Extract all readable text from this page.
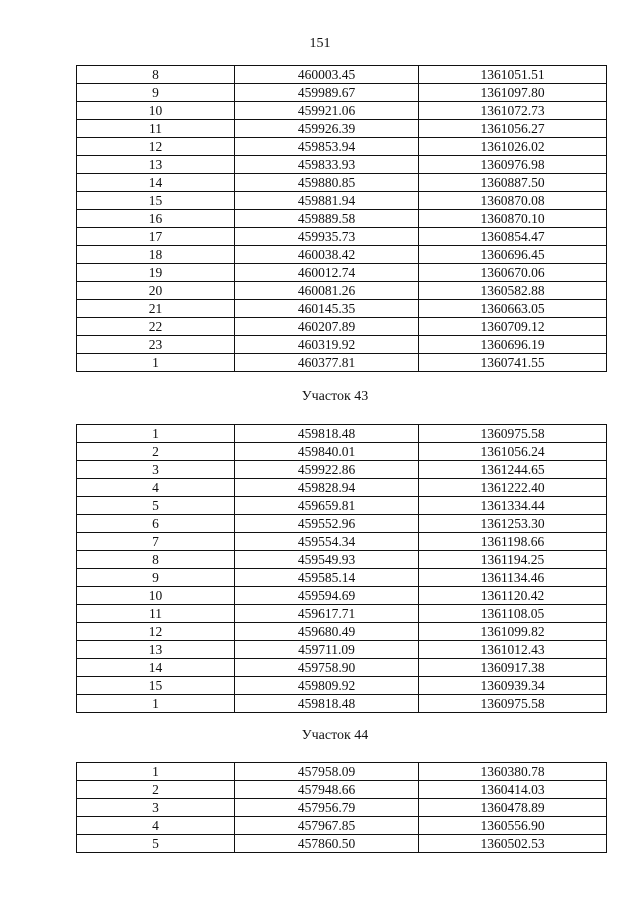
151
8	460003.45	1361051.51
9	459989.67	1361097.80
10	459921.06	1361072.73
11	459926.39	1361056.27
12	459853.94	1361026.02
13	459833.93	1360976.98
14	459880.85	1360887.50
15	459881.94	1360870.08
16	459889.58	1360870.10
17	459935.73	1360854.47
18	460038.42	1360696.45
19	460012.74	1360670.06
20	460081.26	1360582.88
21	460145.35	1360663.05
22	460207.89	1360709.12
23	460319.92	1360696.19
1	460377.81	1360741.55
Участок 43
1	459818.48	1360975.58
2	459840.01	1361056.24
3	459922.86	1361244.65
4	459828.94	1361222.40
5	459659.81	1361334.44
6	459552.96	1361253.30
7	459554.34	1361198.66
8	459549.93	1361194.25
9	459585.14	1361134.46
10	459594.69	1361120.42
11	459617.71	1361108.05
12	459680.49	1361099.82
13	459711.09	1361012.43
14	459758.90	1360917.38
15	459809.92	1360939.34
1	459818.48	1360975.58
Участок 44
1	457958.09	1360380.78
2	457948.66	1360414.03
3	457956.79	1360478.89
4	457967.85	1360556.90
5	457860.50	1360502.53
